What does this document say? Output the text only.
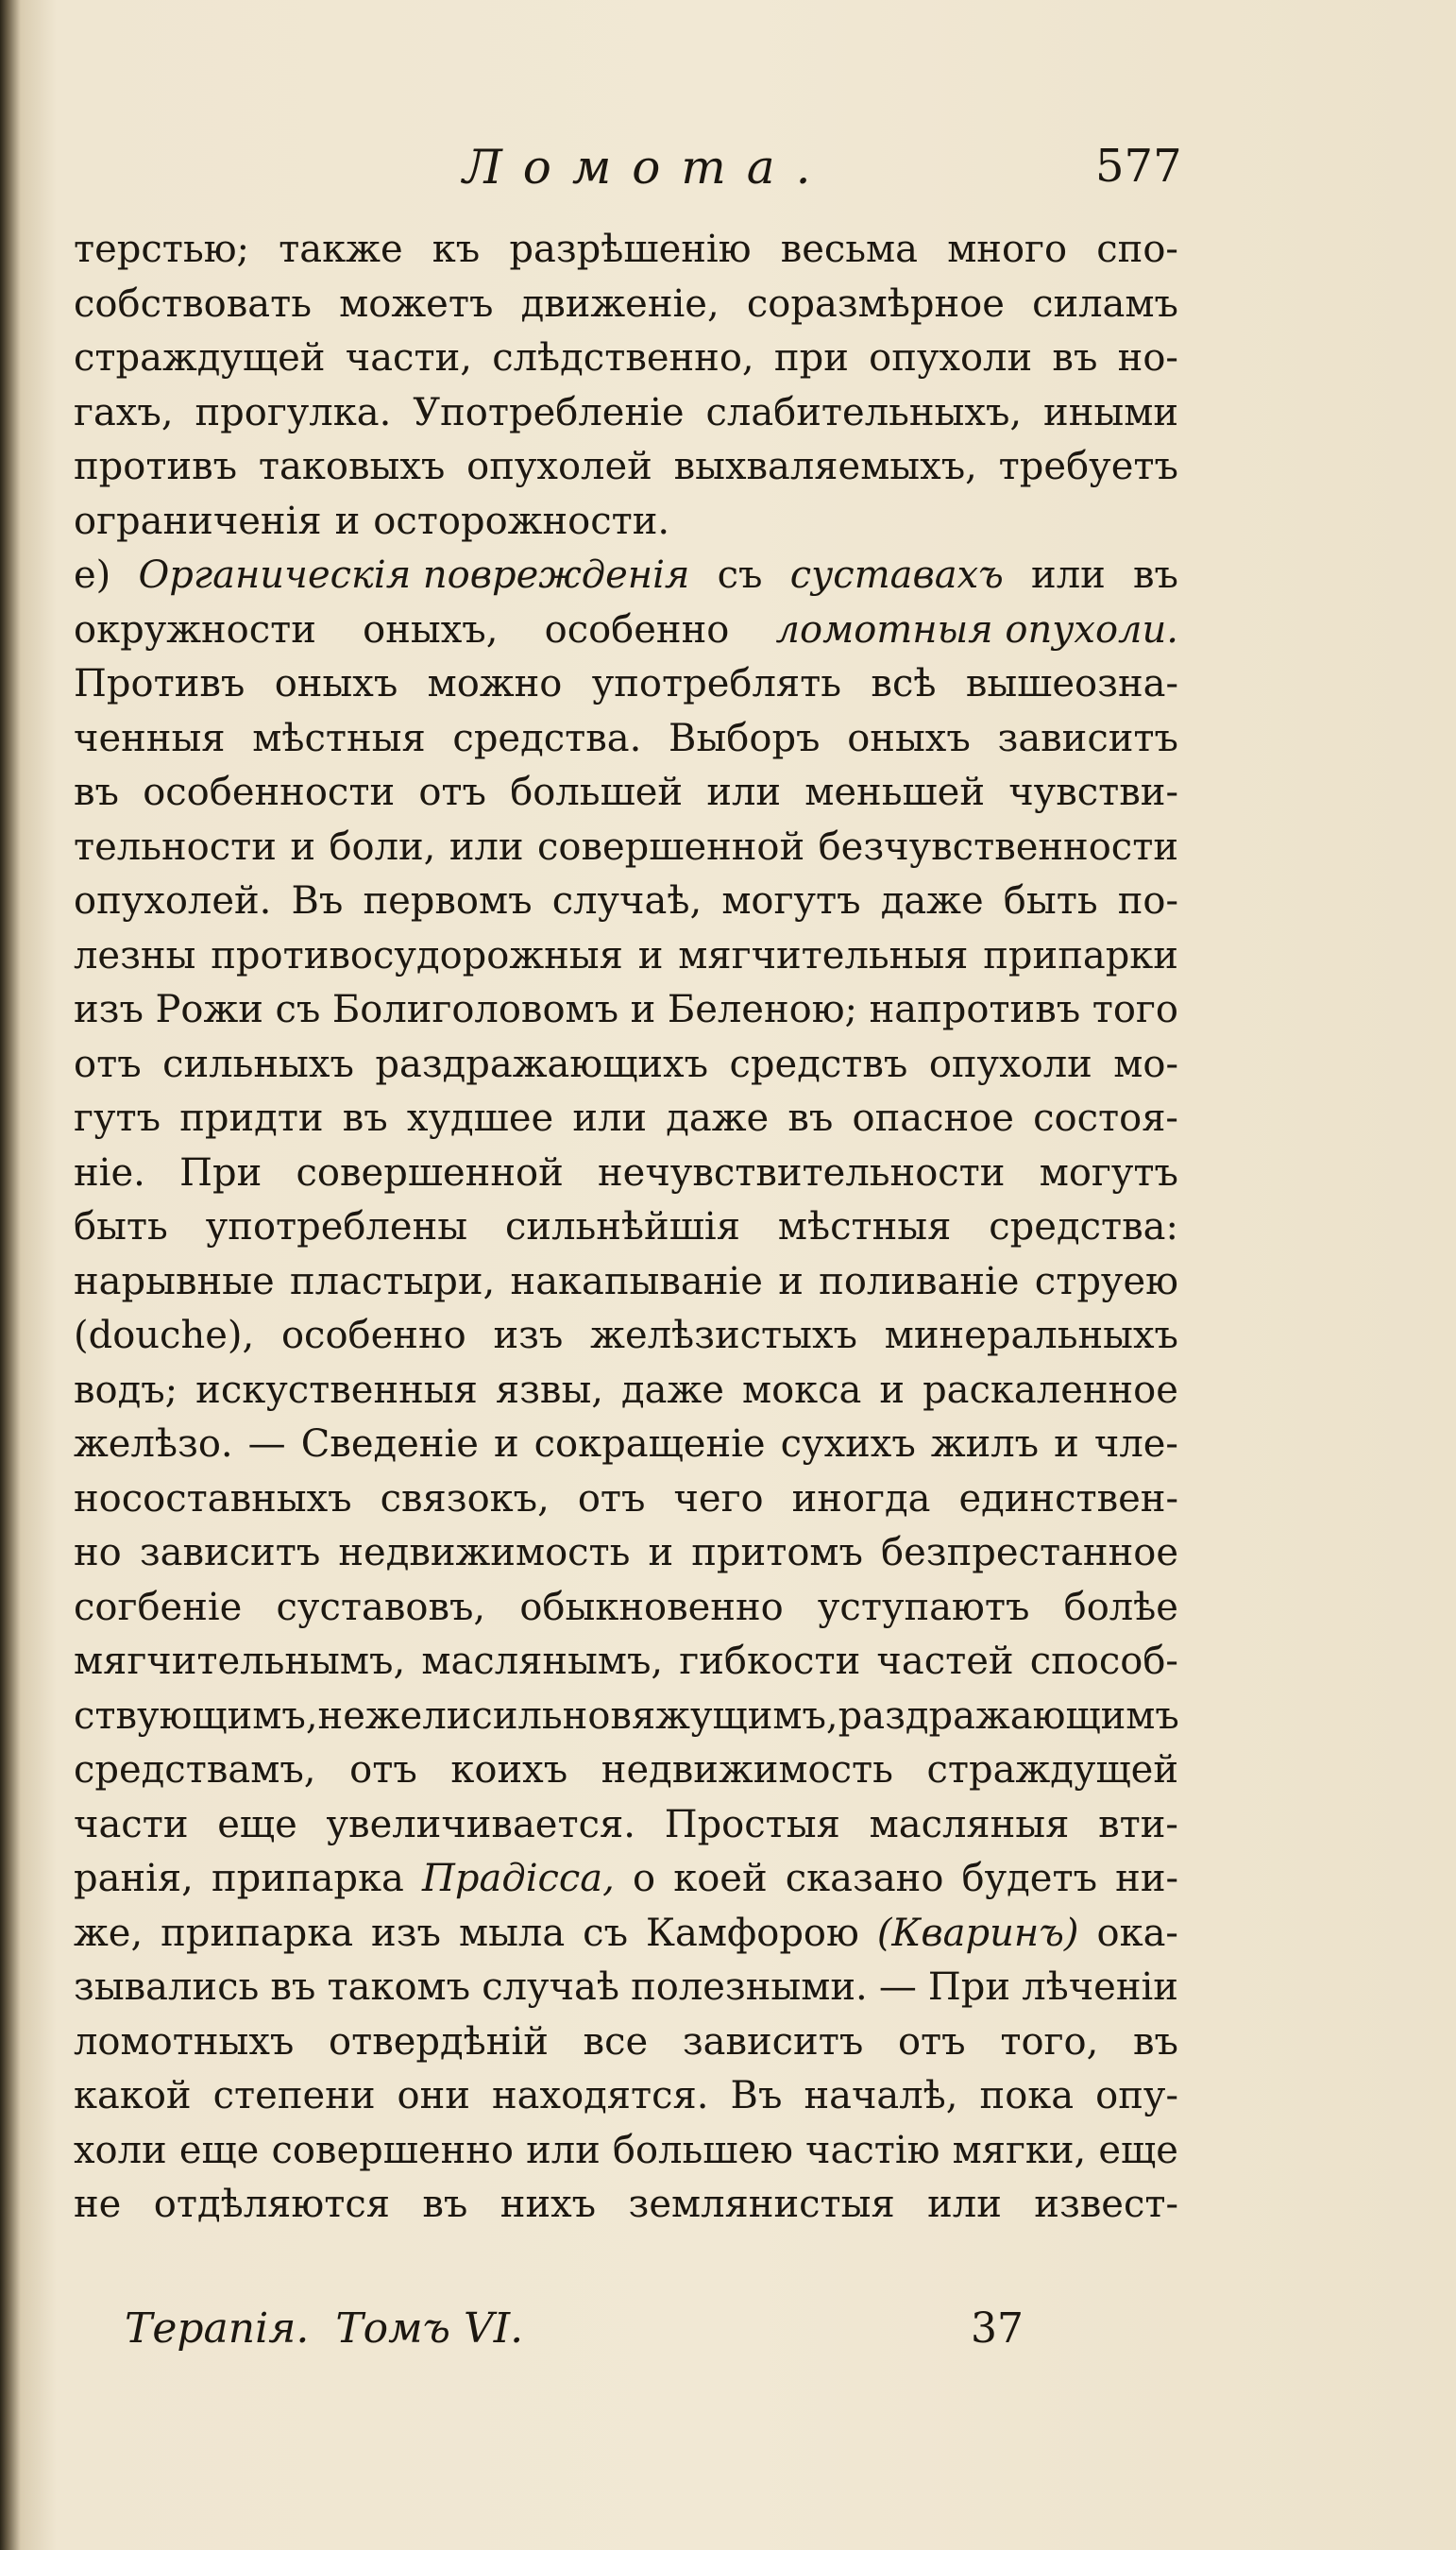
Ломота.	577
терстью; также къ разрѣшенію весьма много спо-
собствовать можетъ движеніе, соразмѣрное силамъ
страждущей части, слѣдственно, при опухоли въ но-
гахъ, прогулка. Употребленіе слабительныхъ, иными
противъ таковыхъ опухолей выхваляемыхъ, требуетъ
ограниченія и осторожности.
е) Органическія поврежденія съ суставахъ или въ
окружности оныхъ, особенно ломотныя опухоли.
Противъ оныхъ можно употреблять всѣ вышеозна-
ченныя мѣстныя средства. Выборъ оныхъ зависитъ
въ особенности отъ большей или меньшей чувстви-
тельности и боли, или совершенной безчувственности
опухолей. Въ первомъ случаѣ, могутъ даже быть по-
лезны противосудорожныя и мягчительныя припарки
изъ Рожи съ Болиголовомъ и Беленою; напротивъ того
отъ сильныхъ раздражающихъ средствъ опухоли мо-
гутъ придти въ худшее или даже въ опасное состоя-
ніе. При совершенной нечувствительности могутъ
быть употреблены сильнѣйшія мѣстныя средства:
нарывные пластыри, накапываніе и поливаніе струею
(douche), особенно изъ желѣзистыхъ минеральныхъ
водъ; искуственныя язвы, даже мокса и раскаленное
желѣзо. — Сведеніе и сокращеніе сухихъ жилъ и чле-
носоставныхъ связокъ, отъ чего иногда единствен-
но зависитъ недвижимость и притомъ безпрестанное
согбеніе суставовъ, обыкновенно уступаютъ болѣе
мягчительнымъ, маслянымъ, гибкости частей способ-
ствующимъ, нежели сильно вяжущимъ, раздражающимъ
средствамъ, отъ коихъ недвижимость страждущей
части еще увеличивается. Простыя масляныя вти-
ранія, припарка Прадісса, о коей сказано будетъ ни-
же, припарка изъ мыла съ Камфорою (Кваринъ) ока-
зывались въ такомъ случаѣ полезными. — При лѣченіи
ломотныхъ отвердѣній все зависитъ отъ того, въ
какой степени они находятся. Въ началѣ, пока опу-
холи еще совершенно или большею частію мягки, еще
не отдѣляются въ нихъ землянистыя или извест-
Терапія. Томъ VI.	37
